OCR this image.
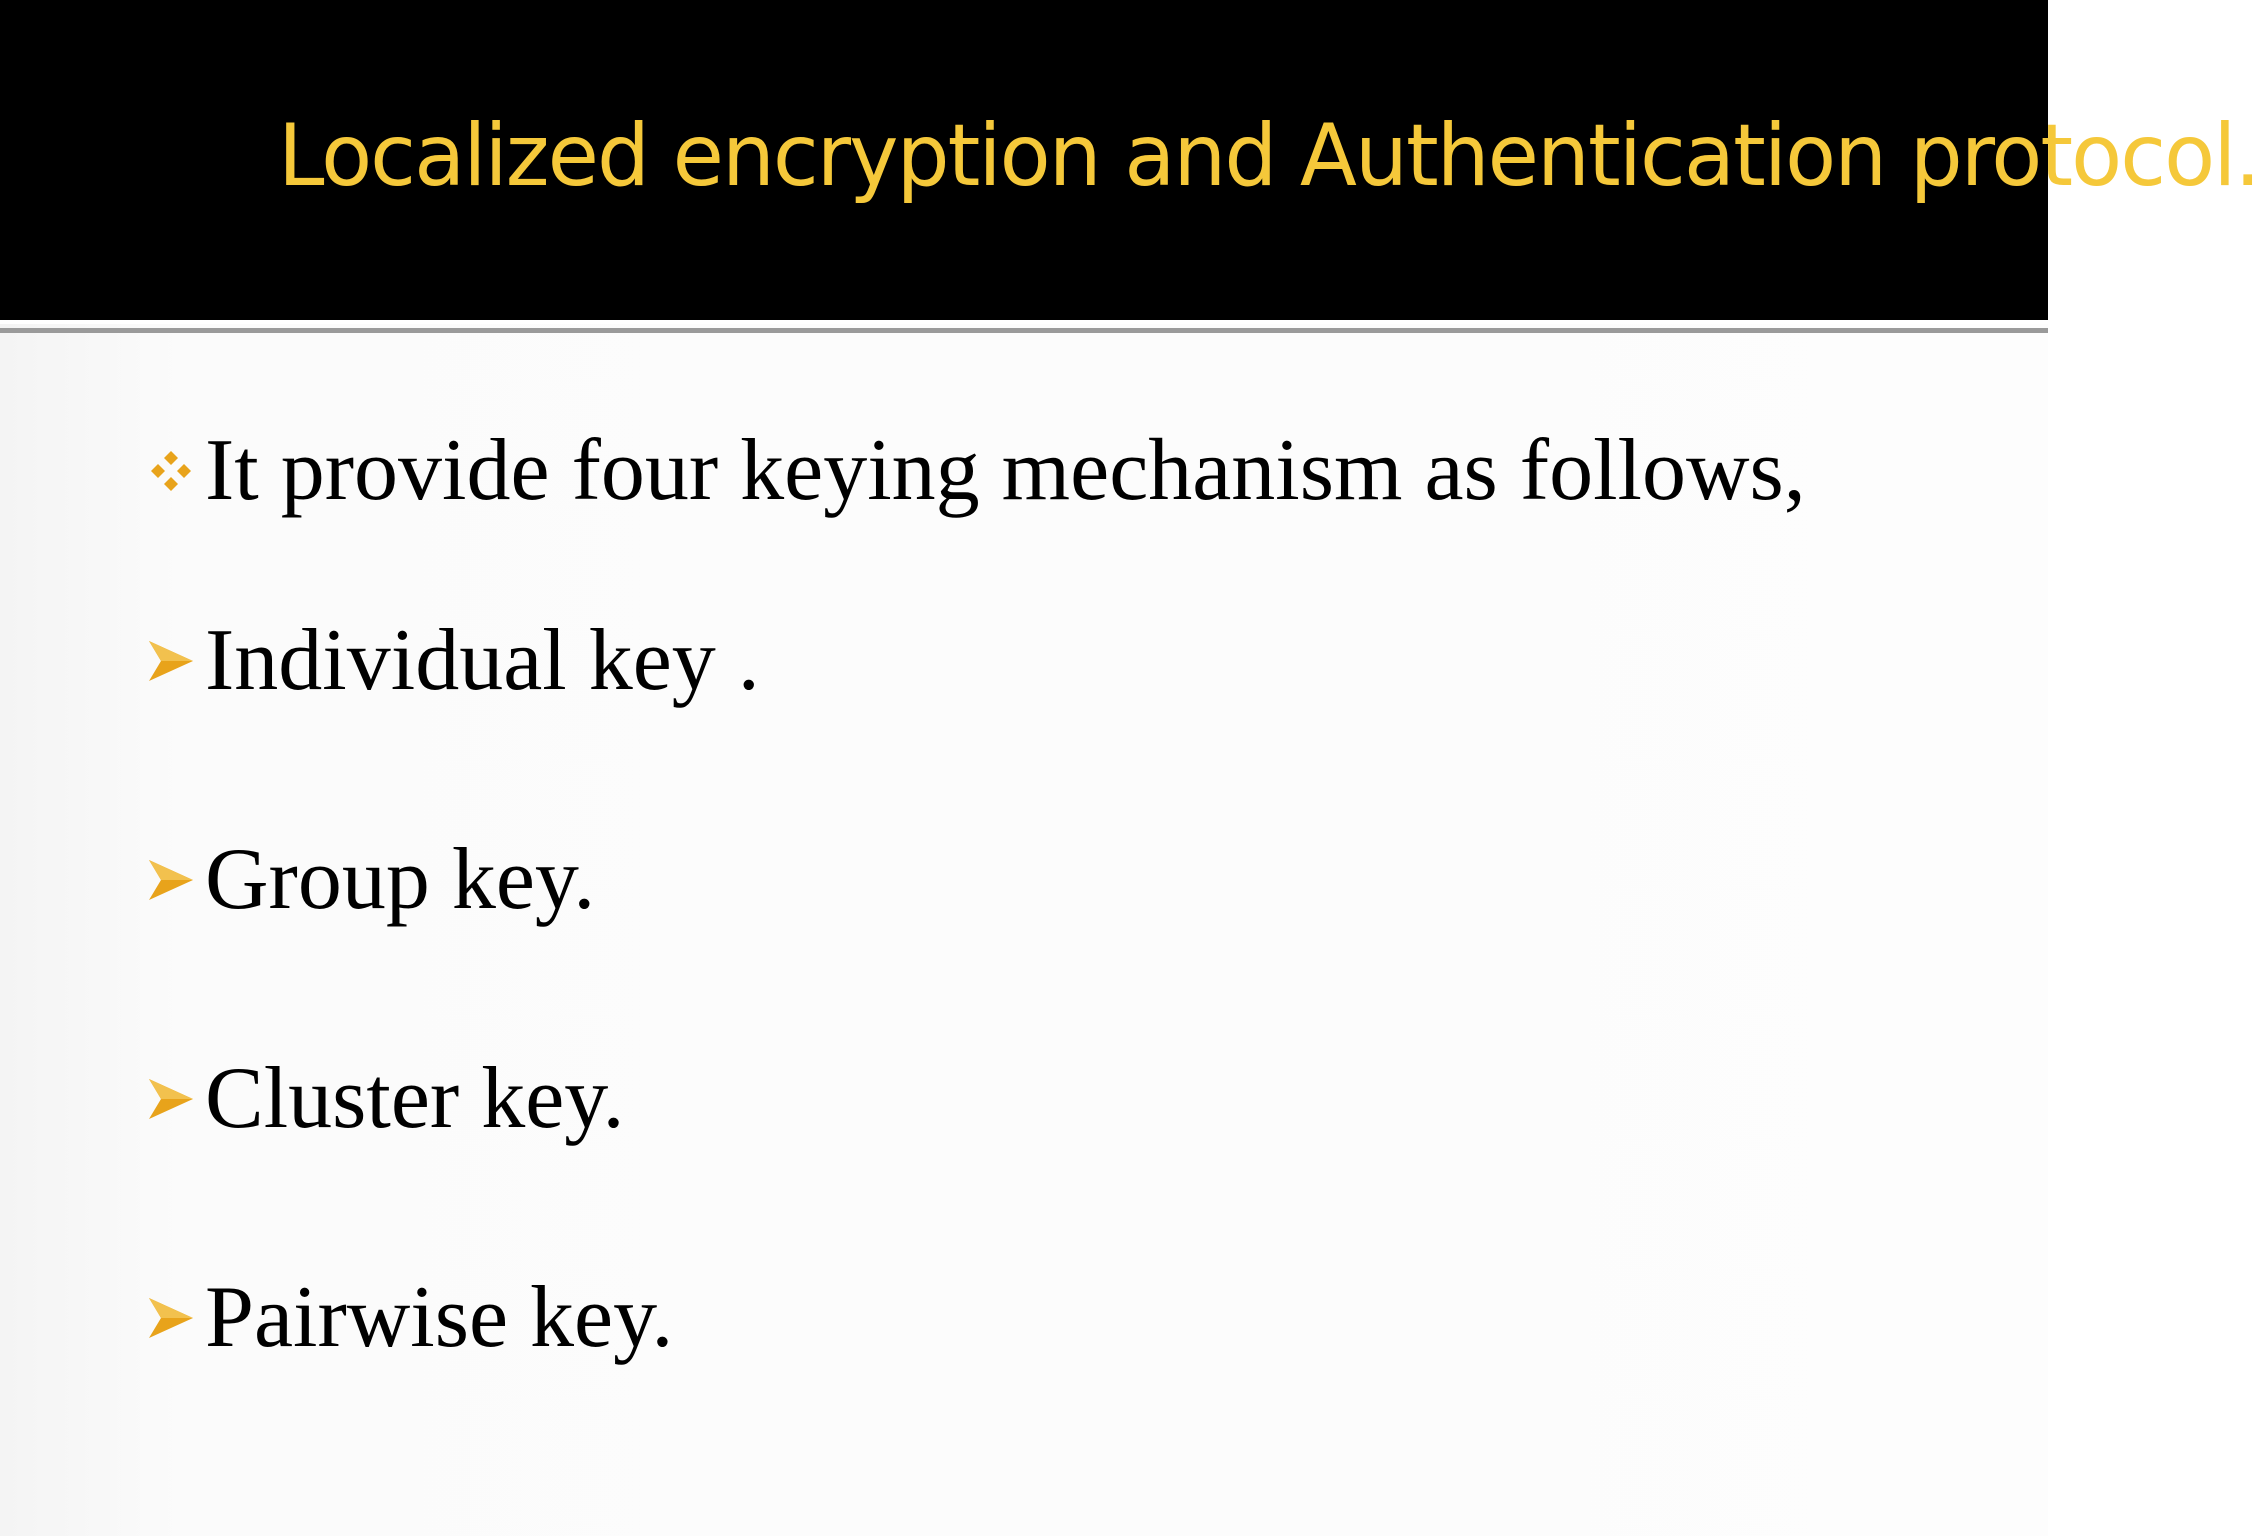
Localized encryption and Authentication protocol.
It provide four keying mechanism as follows,
Individual key .
Group key.
Cluster key.
Pairwise key.
